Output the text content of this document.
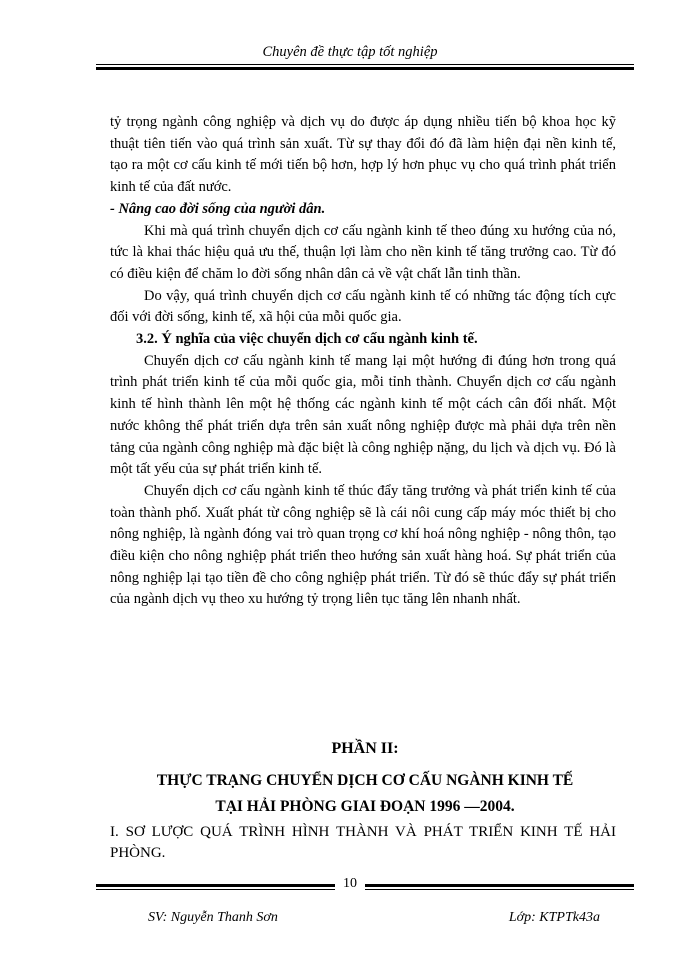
Chuyên đề thực tập tốt nghiệp

tỷ trọng ngành công nghiệp và dịch vụ do được áp dụng nhiều tiến bộ khoa học kỹ thuật tiên tiến vào quá trình sản xuất. Từ sự thay đổi đó đã làm hiện đại nền kinh tế, tạo ra một cơ cấu kinh tế mới tiến bộ hơn, hợp lý hơn phục vụ cho quá trình phát triển kinh tế của đất nước.

- Nâng cao đời sống của người dân.

Khi mà quá trình chuyển dịch cơ cấu ngành kinh tế theo đúng xu hướng của nó, tức là khai thác hiệu quả ưu thế, thuận lợi làm cho nền kinh tế tăng trưởng cao. Từ đó có điều kiện để chăm lo đời sống nhân dân cả về vật chất lẫn tinh thần.

Do vậy, quá trình chuyển dịch cơ cấu ngành kinh tế có những tác động tích cực đối với đời sống, kinh tế, xã hội của mỗi quốc gia.

3.2. Ý nghĩa của việc chuyển dịch cơ cấu ngành kinh tế.

Chuyển dịch cơ cấu ngành kinh tế mang lại một hướng đi đúng hơn trong quá trình phát triển kinh tế của mỗi quốc gia, mỗi tỉnh thành. Chuyển dịch cơ cấu ngành kinh tế hình thành lên một hệ thống các ngành kinh tế một cách cân đối nhất. Một nước không thể phát triển dựa trên sản xuất nông nghiệp được mà phải dựa trên nền tảng của ngành công nghiệp mà đặc biệt là công nghiệp nặng, du lịch và dịch vụ. Đó là một tất yếu của sự phát triển kinh tế.

Chuyển dịch cơ cấu ngành kinh tế thúc đẩy tăng trưởng và phát triển kinh tế của toàn thành phố. Xuất phát từ công nghiệp sẽ là cái nôi cung cấp máy móc thiết bị cho nông nghiệp, là ngành đóng vai trò quan trọng cơ khí hoá nông nghiệp - nông thôn, tạo điều kiện cho nông nghiệp phát triển theo hướng sản xuất hàng hoá. Sự phát triển của nông nghiệp lại tạo tiền đề cho công nghiệp phát triển. Từ đó sẽ thúc đẩy sự phát triển của ngành dịch vụ theo xu hướng tỷ trọng liên tục tăng lên nhanh nhất.

PHẦN II:
THỰC TRẠNG CHUYỂN DỊCH CƠ CẤU NGÀNH KINH TẾ
TẠI HẢI PHÒNG GIAI ĐOẠN 1996 —2004.
I. SƠ LƯỢC QUÁ TRÌNH HÌNH THÀNH VÀ PHÁT TRIỂN KINH TẾ HẢI PHÒNG.
10
SV: Nguyễn Thanh Sơn	Lớp: KTPTk43a
